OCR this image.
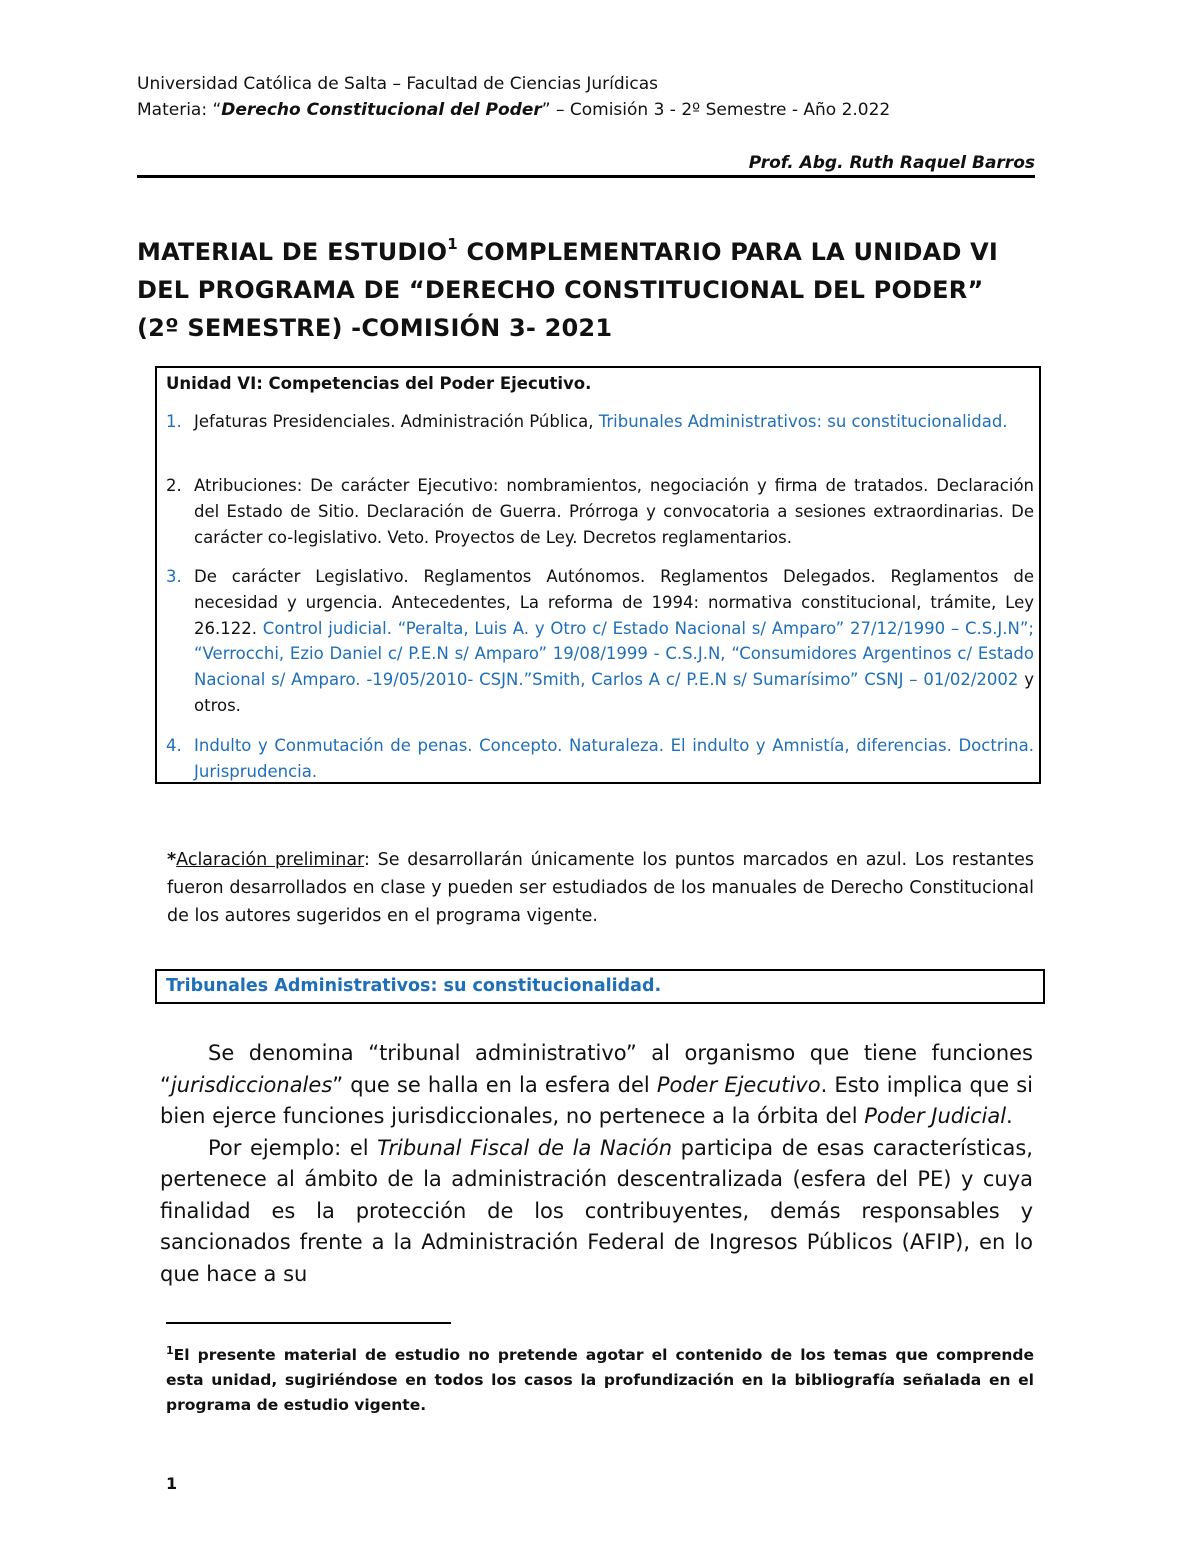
Universidad Católica de Salta – Facultad de Ciencias Jurídicas
Materia: “Derecho Constitucional del Poder” – Comisión 3 - 2º Semestre - Año 2.022
Prof. Abg. Ruth Raquel Barros
MATERIAL DE ESTUDIO$^1$ COMPLEMENTARIO PARA LA UNIDAD VI
DEL PROGRAMA DE “DERECHO CONSTITUCIONAL DEL PODER”
(2º SEMESTRE) -COMISIÓN 3- 2021
Unidad VI: Competencias del Poder Ejecutivo.
1. Jefaturas Presidenciales. Administración Pública, Tribunales Administrativos: su constitucionalidad.
2. Atribuciones: De carácter Ejecutivo: nombramientos, negociación y firma de tratados. Declaración del Estado de Sitio. Declaración de Guerra. Prórroga y convocatoria a sesiones extraordinarias. De carácter co-legislativo. Veto. Proyectos de Ley. Decretos reglamentarios.
3. De carácter Legislativo. Reglamentos Autónomos. Reglamentos Delegados. Reglamentos de necesidad y urgencia. Antecedentes, La reforma de 1994: normativa constitucional, trámite, Ley 26.122. Control judicial. “Peralta, Luis A. y Otro c/ Estado Nacional s/ Amparo” 27/12/1990 – C.S.J.N”; “Verrocchi, Ezio Daniel c/ P.E.N s/ Amparo” 19/08/1999 - C.S.J.N, “Consumidores Argentinos c/ Estado Nacional s/ Amparo. -19/05/2010- CSJN.”Smith, Carlos A c/ P.E.N s/ Sumarísimo” CSNJ – 01/02/2002 y otros.
4. Indulto y Conmutación de penas. Concepto. Naturaleza. El indulto y Amnistía, diferencias. Doctrina. Jurisprudencia.
*Aclaración preliminar: Se desarrollarán únicamente los puntos marcados en azul. Los restantes fueron desarrollados en clase y pueden ser estudiados de los manuales de Derecho Constitucional de los autores sugeridos en el programa vigente.
Tribunales Administrativos: su constitucionalidad.

Se denomina “tribunal administrativo” al organismo que tiene funciones “jurisdiccionales” que se halla en la esfera del Poder Ejecutivo. Esto implica que si bien ejerce funciones jurisdiccionales, no pertenece a la órbita del Poder Judicial.

Por ejemplo: el Tribunal Fiscal de la Nación participa de esas características, pertenece al ámbito de la administración descentralizada (esfera del PE) y cuya finalidad es la protección de los contribuyentes, demás responsables y sancionados frente a la Administración Federal de Ingresos Públicos (AFIP), en lo que hace a su

$^1$El presente material de estudio no pretende agotar el contenido de los temas que comprende esta unidad, sugiriéndose en todos los casos la profundización en la bibliografía señalada en el programa de estudio vigente.
1
